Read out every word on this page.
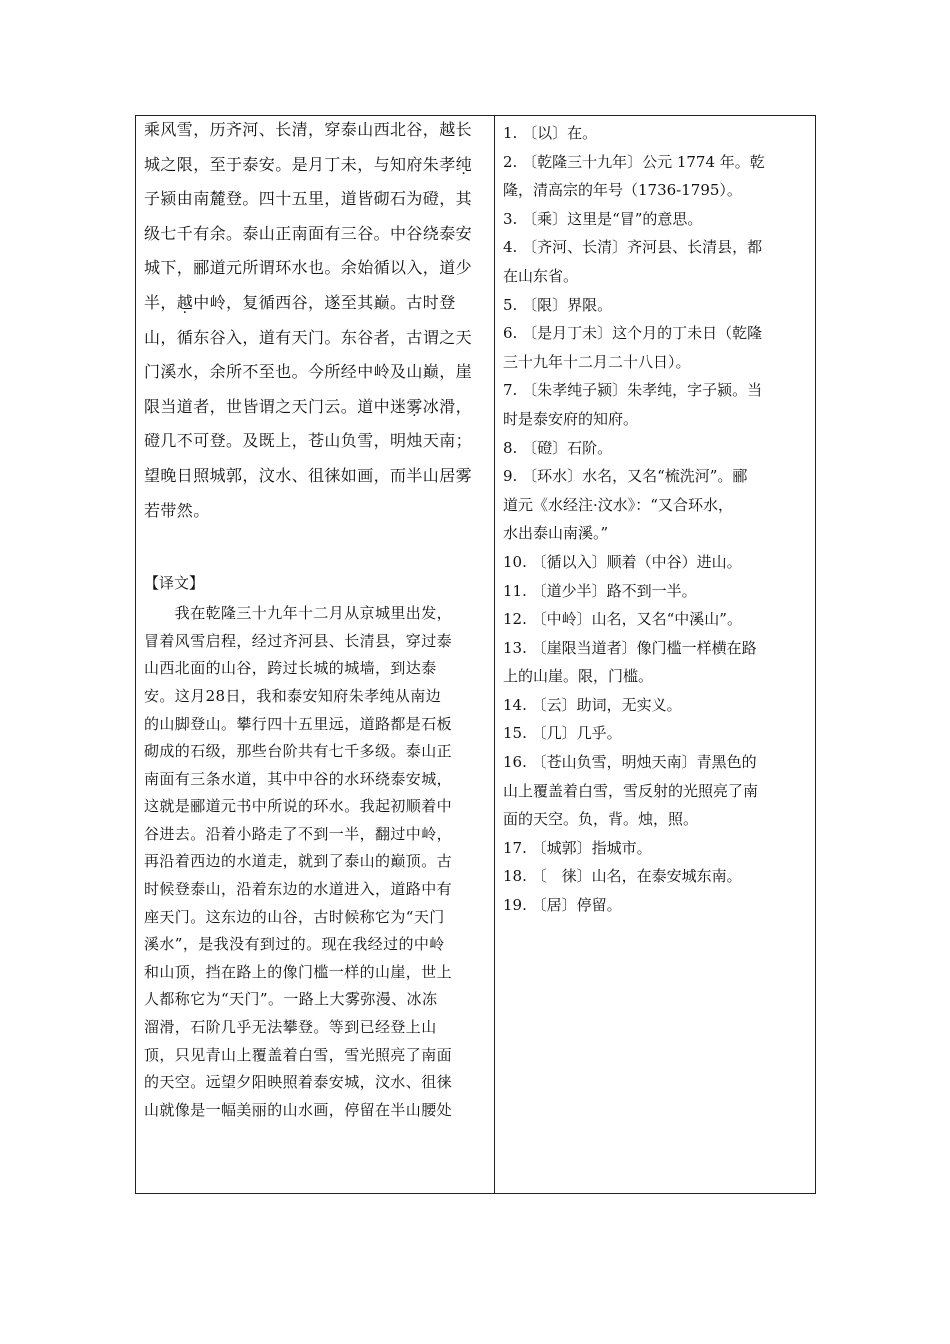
乘风雪，历齐河、长清，穿泰山西北谷，越长
城之限，至于泰安。是月丁未，与知府朱孝纯
子颍由南麓登。四十五里，道皆砌石为磴，其
级七千有余。泰山正南面有三谷。中谷绕泰安
城下，郦道元所谓环水也。余始循以入，道少
半，越中岭，复循西谷，遂至其巅。古时登
山，循东谷入，道有天门。东谷者，古谓之天
门溪水，余所不至也。今所经中岭及山巅，崖
限当道者，世皆谓之天门云。道中迷雾冰滑，
磴几不可登。及既上，苍山负雪，明烛天南；
望晚日照城郭，汶水、徂徕如画，而半山居雾
若带然。
【译文】
　　我在乾隆三十九年十二月从京城里出发，
冒着风雪启程，经过齐河县、长清县，穿过泰
山西北面的山谷，跨过长城的城墙，到达泰
安。这月28日，我和泰安知府朱孝纯从南边
的山脚登山。攀行四十五里远，道路都是石板
砌成的石级，那些台阶共有七千多级。泰山正
南面有三条水道，其中中谷的水环绕泰安城，
这就是郦道元书中所说的环水。我起初顺着中
谷进去。沿着小路走了不到一半，翻过中岭，
再沿着西边的水道走，就到了泰山的巅顶。古
时候登泰山，沿着东边的水道进入，道路中有
座天门。这东边的山谷，古时候称它为“天门
溪水”，是我没有到过的。现在我经过的中岭
和山顶，挡在路上的像门槛一样的山崖，世上
人都称它为“天门”。一路上大雾弥漫、冰冻
溜滑，石阶几乎无法攀登。等到已经登上山
顶，只见青山上覆盖着白雪，雪光照亮了南面
的天空。远望夕阳映照着泰安城，汶水、徂徕
山就像是一幅美丽的山水画，停留在半山腰处
1. 〔以〕在。
2. 〔乾隆三十九年〕公元 1774 年。乾
隆，清高宗的年号（1736-1795）。
3. 〔乘〕这里是“冒”的意思。
4. 〔齐河、长清〕齐河县、长清县，都
在山东省。
5. 〔限〕界限。
6. 〔是月丁未〕这个月的丁未日（乾隆
三十九年十二月二十八日）。
7. 〔朱孝纯子颍〕朱孝纯，字子颍。当
时是泰安府的知府。
8. 〔磴〕石阶。
9. 〔环水〕水名，又名“梳洗河”。郦
道元《水经注·汶水》：“又合环水，
水出泰山南溪。”
10. 〔循以入〕顺着（中谷）进山。
11. 〔道少半〕路不到一半。
12. 〔中岭〕山名，又名“中溪山”。
13. 〔崖限当道者〕像门槛一样横在路
上的山崖。限，门槛。
14. 〔云〕助词，无实义。
15. 〔几〕几乎。
16. 〔苍山负雪，明烛天南〕青黑色的
山上覆盖着白雪，雪反射的光照亮了南
面的天空。负，背。烛，照。
17. 〔城郭〕指城市。
18. 〔　徕〕山名，在泰安城东南。
19. 〔居〕停留。
